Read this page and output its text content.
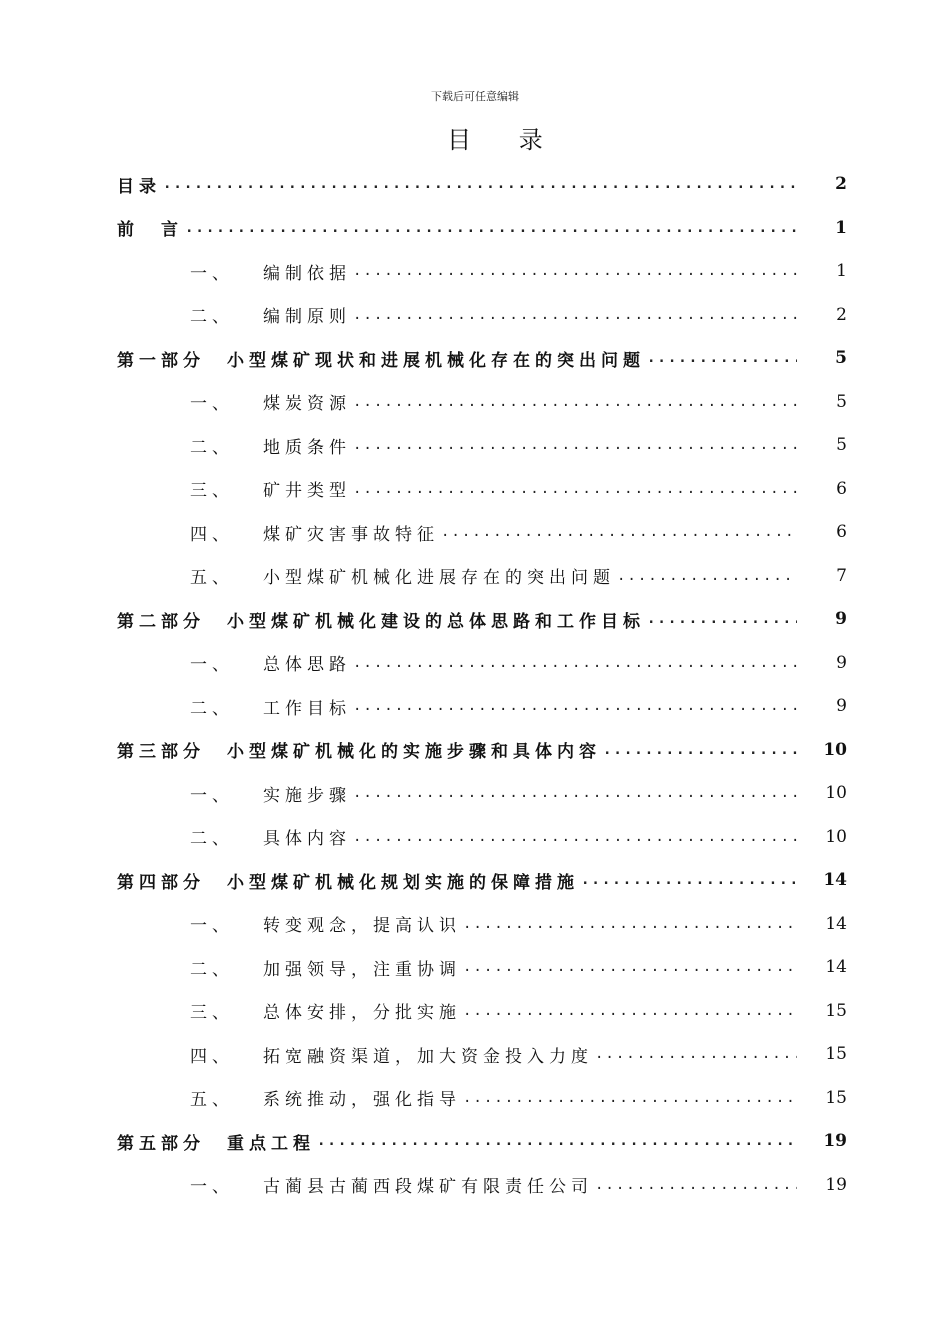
下载后可任意编辑
目 录
目录 .....	2
前　言 .....	1
一、	编制依据 .....	1
二、	编制原则 .....	2
第一部分　小型煤矿现状和进展机械化存在的突出问题 .....	5
一、	煤炭资源 .....	5
二、	地质条件 .....	5
三、	矿井类型 .....	6
四、	煤矿灾害事故特征 .....	6
五、	小型煤矿机械化进展存在的突出问题 .....	7
第二部分　小型煤矿机械化建设的总体思路和工作目标 .....	9
一、	总体思路 .....	9
二、	工作目标 .....	9
第三部分　小型煤矿机械化的实施步骤和具体内容 .....	10
一、	实施步骤 .....	10
二、	具体内容 .....	10
第四部分　小型煤矿机械化规划实施的保障措施 .....	14
一、	转变观念，提高认识 .....	14
二、	加强领导，注重协调 .....	14
三、	总体安排，分批实施 .....	15
四、	拓宽融资渠道，加大资金投入力度 .....	15
五、	系统推动，强化指导 .....	15
第五部分　重点工程 .....	19
一、	古蔺县古蔺西段煤矿有限责任公司 .....	19
